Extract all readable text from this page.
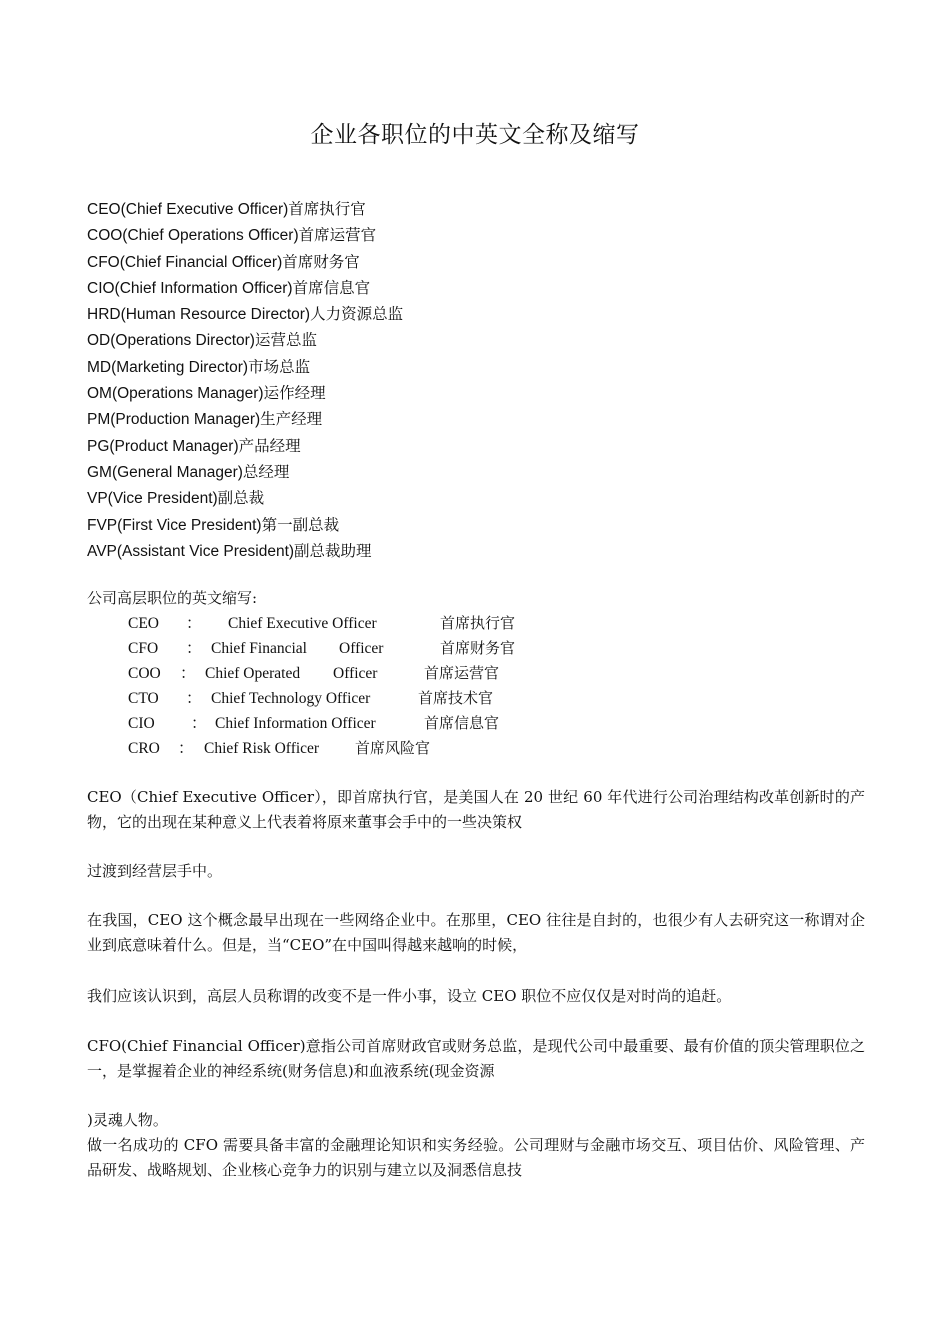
企业各职位的中英文全称及缩写
CEO(Chief Executive Officer)首席执行官
COO(Chief Operations Officer)首席运营官
CFO(Chief Financial Officer)首席财务官
CIO(Chief Information Officer)首席信息官
HRD(Human Resource Director)人力资源总监
OD(Operations Director)运营总监
MD(Marketing Director)市场总监
OM(Operations Manager)运作经理
PM(Production Manager)生产经理
PG(Product Manager)产品经理
GM(General Manager)总经理
VP(Vice President)副总裁
FVP(First Vice President)第一副总裁
AVP(Assistant Vice President)副总裁助理
公司高层职位的英文缩写:
CEO ： Chief Executive Officer	首席执行官
CFO ： Chief Financial Officer	首席财务官
COO ： Chief Operated Officer	首席运营官
CTO ： Chief Technology Officer	首席技术官
CIO ： Chief Information Officer	首席信息官
CRO ： Chief Risk Officer 首席风险官

CEO（Chief Executive Officer），即首席执行官，是美国人在 20 世纪 60 年代进行公司治理结构改革创新时的产物，它的出现在某种意义上代表着将原来董事会手中的一些决策权

过渡到经营层手中。

在我国，CEO 这个概念最早出现在一些网络企业中。在那里，CEO 往往是自封的，也很少有人去研究这一称谓对企业到底意味着什么。但是，当“CEO”在中国叫得越来越响的时候，

我们应该认识到，高层人员称谓的改变不是一件小事，设立 CEO 职位不应仅仅是对时尚的追赶。

CFO(Chief Financial Officer)意指公司首席财政官或财务总监，是现代公司中最重要、最有价值的顶尖管理职位之一，是掌握着企业的神经系统(财务信息)和血液系统(现金资源

)灵魂人物。

做一名成功的 CFO 需要具备丰富的金融理论知识和实务经验。公司理财与金融市场交互、项目估价、风险管理、产品研发、战略规划、企业核心竞争力的识别与建立以及洞悉信息技
